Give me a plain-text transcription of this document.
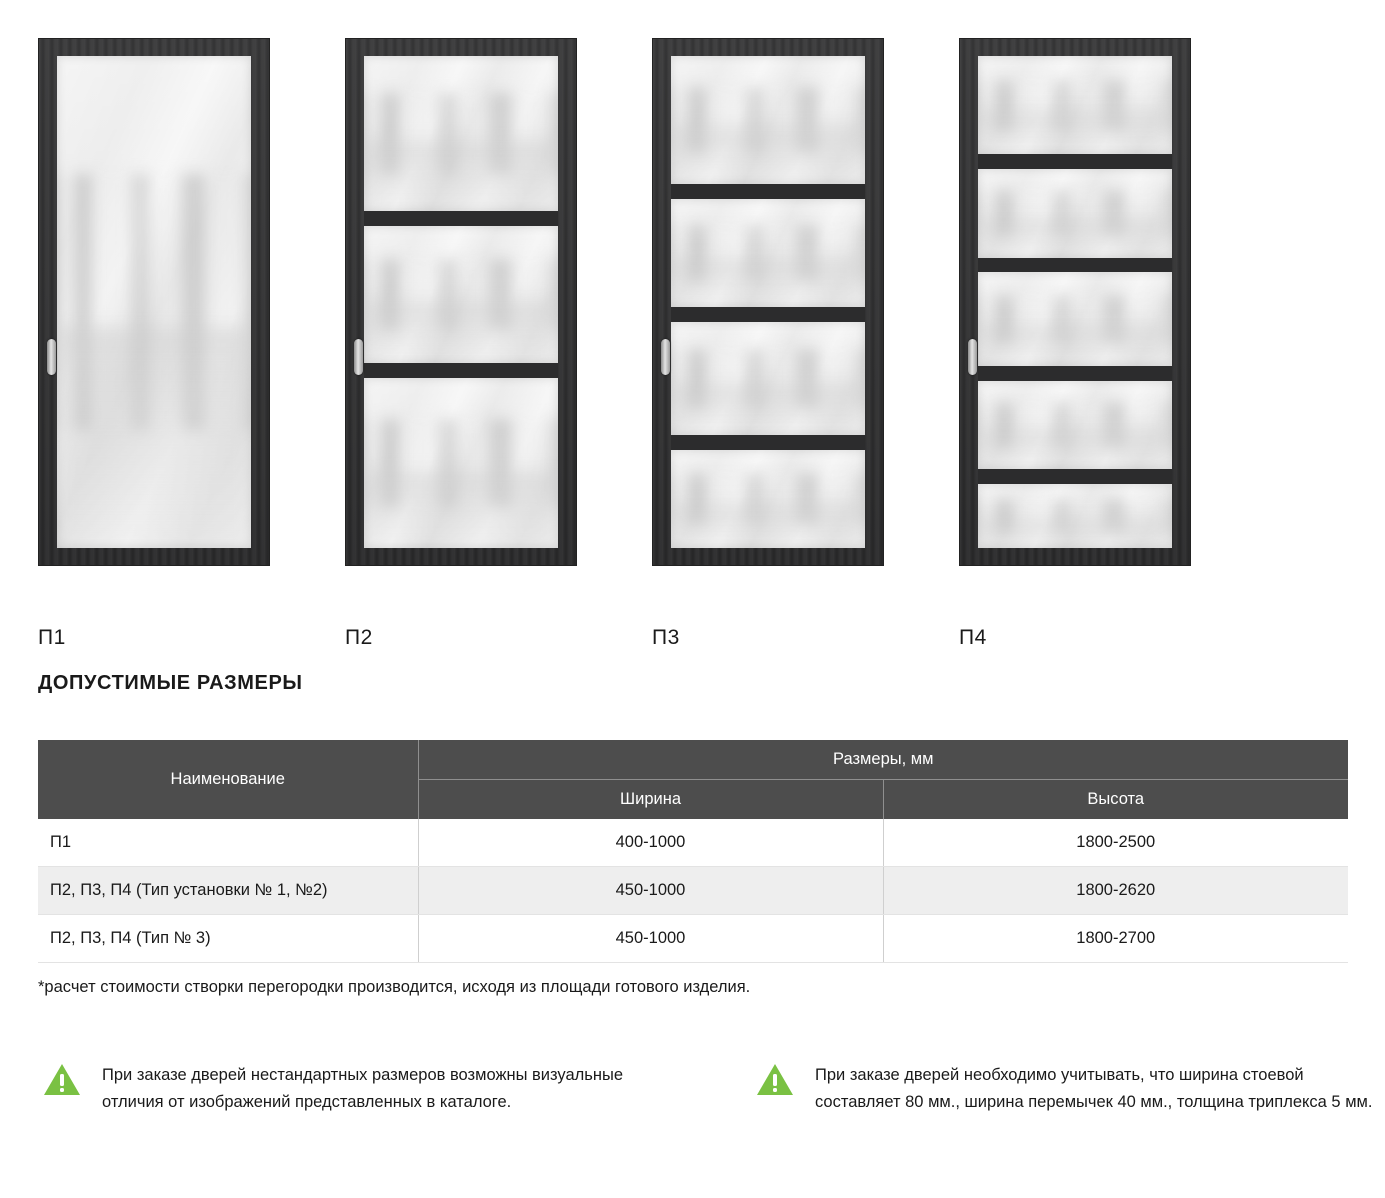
П1	П2	П3	П4
ДОПУСТИМЫЕ РАЗМЕРЫ
Наименование	Размеры, мм	
	Ширина	Высота
П1	400-1000	1800-2500
П2, П3, П4 (Тип установки № 1, №2)	450-1000	1800-2620
П2, П3, П4 (Тип № 3)	450-1000	1800-2700
*расчет стоимости створки перегородки производится, исходя из площади готового изделия.
При заказе дверей нестандартных размеров возможны визуальные отличия от изображений представленных в каталоге.
При заказе дверей необходимо учитывать, что ширина стоевой составляет 80 мм., ширина перемычек 40 мм., толщина триплекса 5 мм.
